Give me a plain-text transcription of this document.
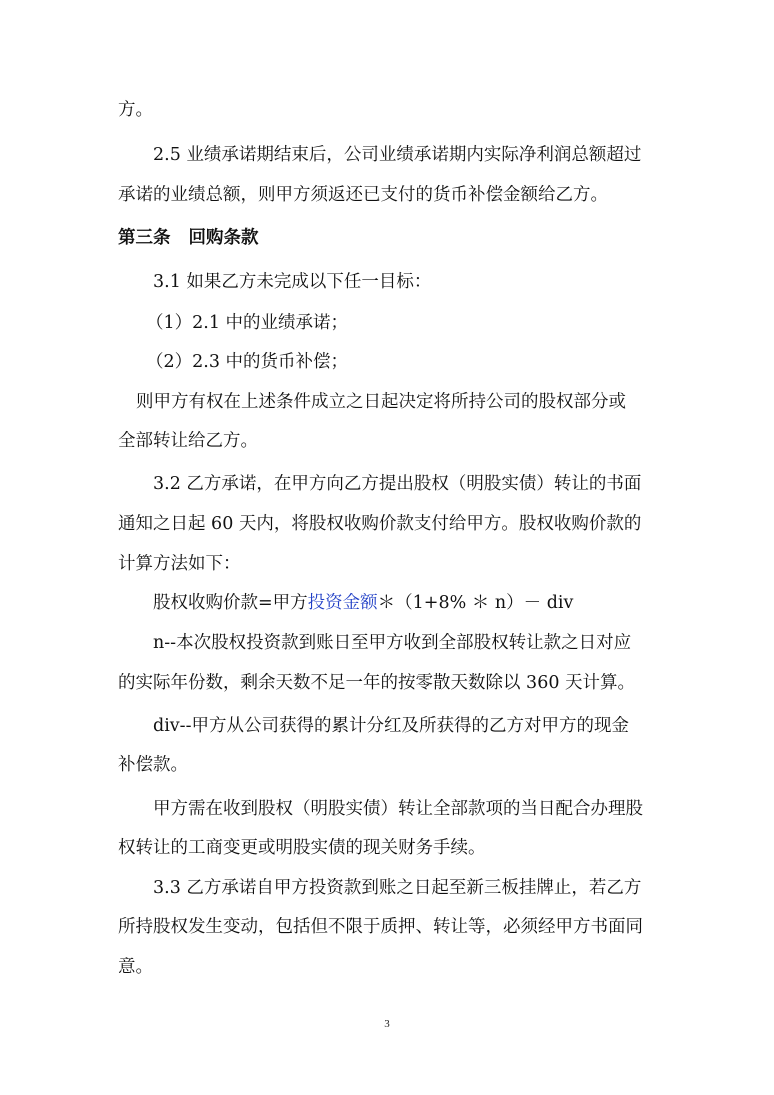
方。
2.5 业绩承诺期结束后，公司业绩承诺期内实际净利润总额超过
承诺的业绩总额，则甲方须返还已支付的货币补偿金额给乙方。
第三条 回购条款
3.1 如果乙方未完成以下任一目标：
（1）2.1 中的业绩承诺；
（2）2.3 中的货币补偿；
则甲方有权在上述条件成立之日起决定将所持公司的股权部分或
全部转让给乙方。
3.2 乙方承诺，在甲方向乙方提出股权（明股实债）转让的书面
通知之日起 60 天内，将股权收购价款支付给甲方。股权收购价款的
计算方法如下：
股权收购价款=甲方投资金额＊（1+8% ＊ n）－ div
n--本次股权投资款到账日至甲方收到全部股权转让款之日对应
的实际年份数，剩余天数不足一年的按零散天数除以 360 天计算。
div--甲方从公司获得的累计分红及所获得的乙方对甲方的现金
补偿款。
甲方需在收到股权（明股实债）转让全部款项的当日配合办理股
权转让的工商变更或明股实债的现关财务手续。
3.3 乙方承诺自甲方投资款到账之日起至新三板挂牌止，若乙方
所持股权发生变动，包括但不限于质押、转让等，必须经甲方书面同
意。
3
